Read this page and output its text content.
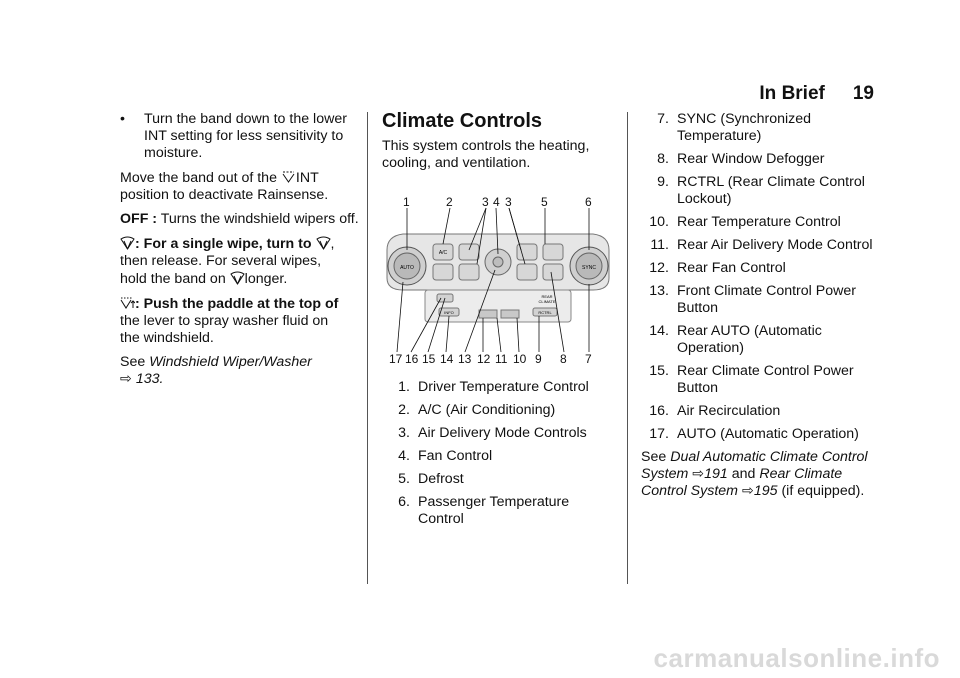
In Brief 19

• Turn the band down to the lower INT setting for less sensitivity to moisture.

Move the band out of the INT
position to deactivate Rainsense.

OFF : Turns the windshield wipers off.

: For a single wipe, turn to ,
then release. For several wipes,
hold the band on longer.

: Push the paddle at the top of
the lever to spray washer fluid on
the windshield.

See Windshield Wiper/Washer
⇨ 133.

Climate Controls
This system controls the heating, cooling, and ventilation.
AUTO	SYNC
A/C
INFO	RCTRL
REAR
CLIMATE
1	2 3 4 3 5	6
17 16 15 14 13 12 11 10 9 8 7
1. Driver Temperature Control
2. A/C (Air Conditioning)
3. Air Delivery Mode Controls
4. Fan Control
5. Defrost
6. Passenger Temperature Control
7. SYNC (Synchronized Temperature)
8. Rear Window Defogger
9. RCTRL (Rear Climate Control Lockout)
10. Rear Temperature Control
11. Rear Air Delivery Mode Control
12. Rear Fan Control
13. Front Climate Control Power Button
14. Rear AUTO (Automatic Operation)
15. Rear Climate Control Power Button
16. Air Recirculation
17. AUTO (Automatic Operation)

See Dual Automatic Climate Control System ⇨191 and Rear Climate Control System ⇨195 (if equipped).

carmanualsonline.info
